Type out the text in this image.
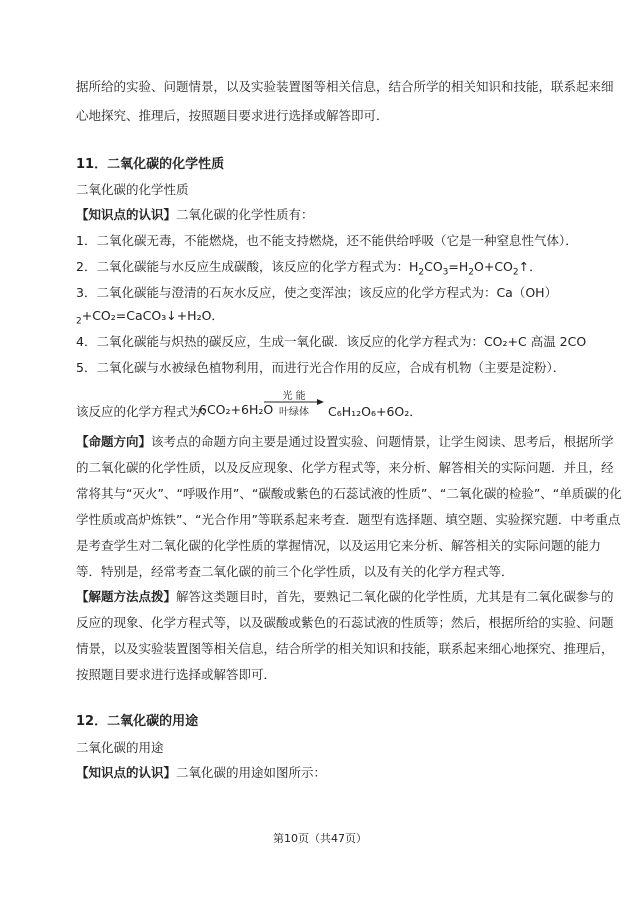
据所给的实验、问题情景，以及实验装置图等相关信息，结合所学的相关知识和技能，联系起来细
心地探究、推理后，按照题目要求进行选择或解答即可．
11．二氧化碳的化学性质
二氧化碳的化学性质
【知识点的认识】二氧化碳的化学性质有：
1．二氧化碳无毒，不能燃烧，也不能支持燃烧，还不能供给呼吸（它是一种窒息性气体）．
2．二氧化碳能与水反应生成碳酸，该反应的化学方程式为：$H_2CO_3=H_2O+CO_2↑$．
3．二氧化碳能与澄清的石灰水反应，使之变浑浊；该反应的化学方程式为：Ca（OH）
$_2$+CO₂=CaCO₃↓+H₂O．
4．二氧化碳能与炽热的碳反应，生成一氧化碳．该反应的化学方程式为：CO₂+C 高温 2CO
5．二氧化碳与水被绿色植物利用，而进行光合作用的反应，合成有机物（主要是淀粉）．
该反应的化学方程式为：
6CO₂+6H₂O
光 能
叶绿体	C₆H₁₂O₆+6O₂．
【命题方向】该考点的命题方向主要是通过设置实验、问题情景，让学生阅读、思考后，根据所学
的二氧化碳的化学性质，以及反应现象、化学方程式等，来分析、解答相关的实际问题．并且，经
常将其与“灭火”、“呼吸作用”、“碳酸或紫色的石蕊试液的性质”、“二氧化碳的检验”、“单质碳的化
学性质或高炉炼铁”、“光合作用”等联系起来考查．题型有选择题、填空题、实验探究题．中考重点
是考查学生对二氧化碳的化学性质的掌握情况，以及运用它来分析、解答相关的实际问题的能力
等．特别是，经常考查二氧化碳的前三个化学性质，以及有关的化学方程式等．
【解题方法点拨】解答这类题目时，首先，要熟记二氧化碳的化学性质，尤其是有二氧化碳参与的
反应的现象、化学方程式等，以及碳酸或紫色的石蕊试液的性质等；然后，根据所给的实验、问题
情景，以及实验装置图等相关信息，结合所学的相关知识和技能，联系起来细心地探究、推理后，
按照题目要求进行选择或解答即可．
12．二氧化碳的用途
二氧化碳的用途
【知识点的认识】二氧化碳的用途如图所示：
第10页（共47页）
